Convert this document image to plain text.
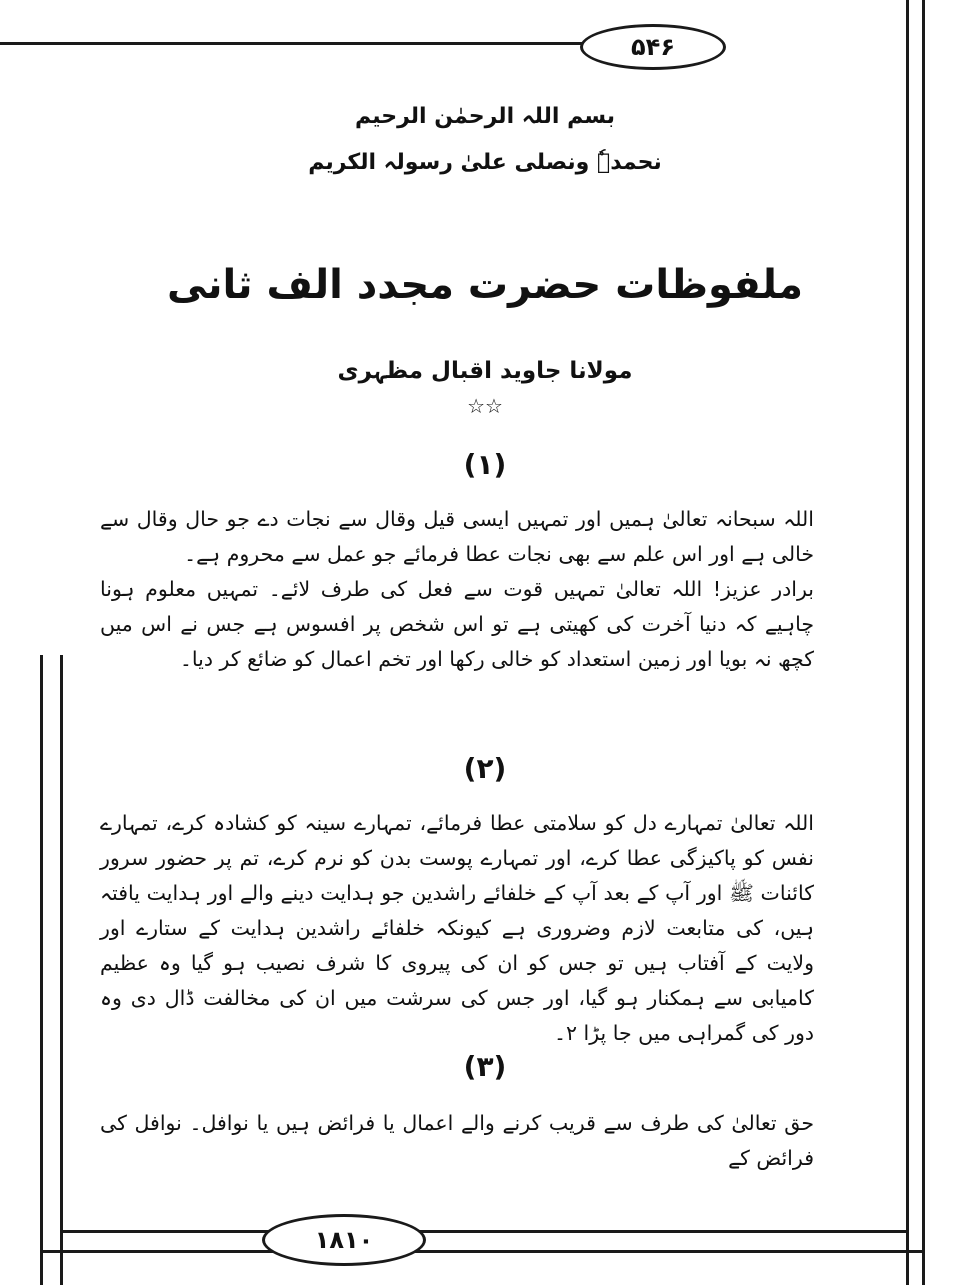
۵۴۶
بسم اللہ الرحمٰن الرحیم
نحمدہٗ ونصلی علیٰ رسولہ الکریم
ملفوظات حضرت مجدد الف ثانی
مولانا جاوید اقبال مظہری
☆☆
(۱)

اللہ سبحانہ تعالیٰ ہمیں اور تمہیں ایسی قیل وقال سے نجات دے جو حال وقال سے خالی ہے اور اس علم سے بھی نجات عطا فرمائے جو عمل سے محروم ہے۔

برادر عزیز! اللہ تعالیٰ تمہیں قوت سے فعل کی طرف لائے۔ تمہیں معلوم ہونا چاہیے کہ دنیا آخرت کی کھیتی ہے تو اس شخص پر افسوس ہے جس نے اس میں کچھ نہ بویا اور زمین استعداد کو خالی رکھا اور تخم اعمال کو ضائع کر دیا۔

(۲)

اللہ تعالیٰ تمہارے دل کو سلامتی عطا فرمائے، تمہارے سینہ کو کشادہ کرے، تمہارے نفس کو پاکیزگی عطا کرے، اور تمہارے پوست بدن کو نرم کرے، تم پر حضور سرور کائنات ﷺ اور آپ کے بعد آپ کے خلفائے راشدین جو ہدایت دینے والے اور ہدایت یافتہ ہیں، کی متابعت لازم وضروری ہے کیونکہ خلفائے راشدین ہدایت کے ستارے اور ولایت کے آفتاب ہیں تو جس کو ان کی پیروی کا شرف نصیب ہو گیا وہ عظیم کامیابی سے ہمکنار ہو گیا، اور جس کی سرشت میں ان کی مخالفت ڈال دی وہ دور کی گمراہی میں جا پڑا ۲۔

(۳)

حق تعالیٰ کی طرف سے قریب کرنے والے اعمال یا فرائض ہیں یا نوافل۔ نوافل کی فرائض کے

۱۸۱۰
